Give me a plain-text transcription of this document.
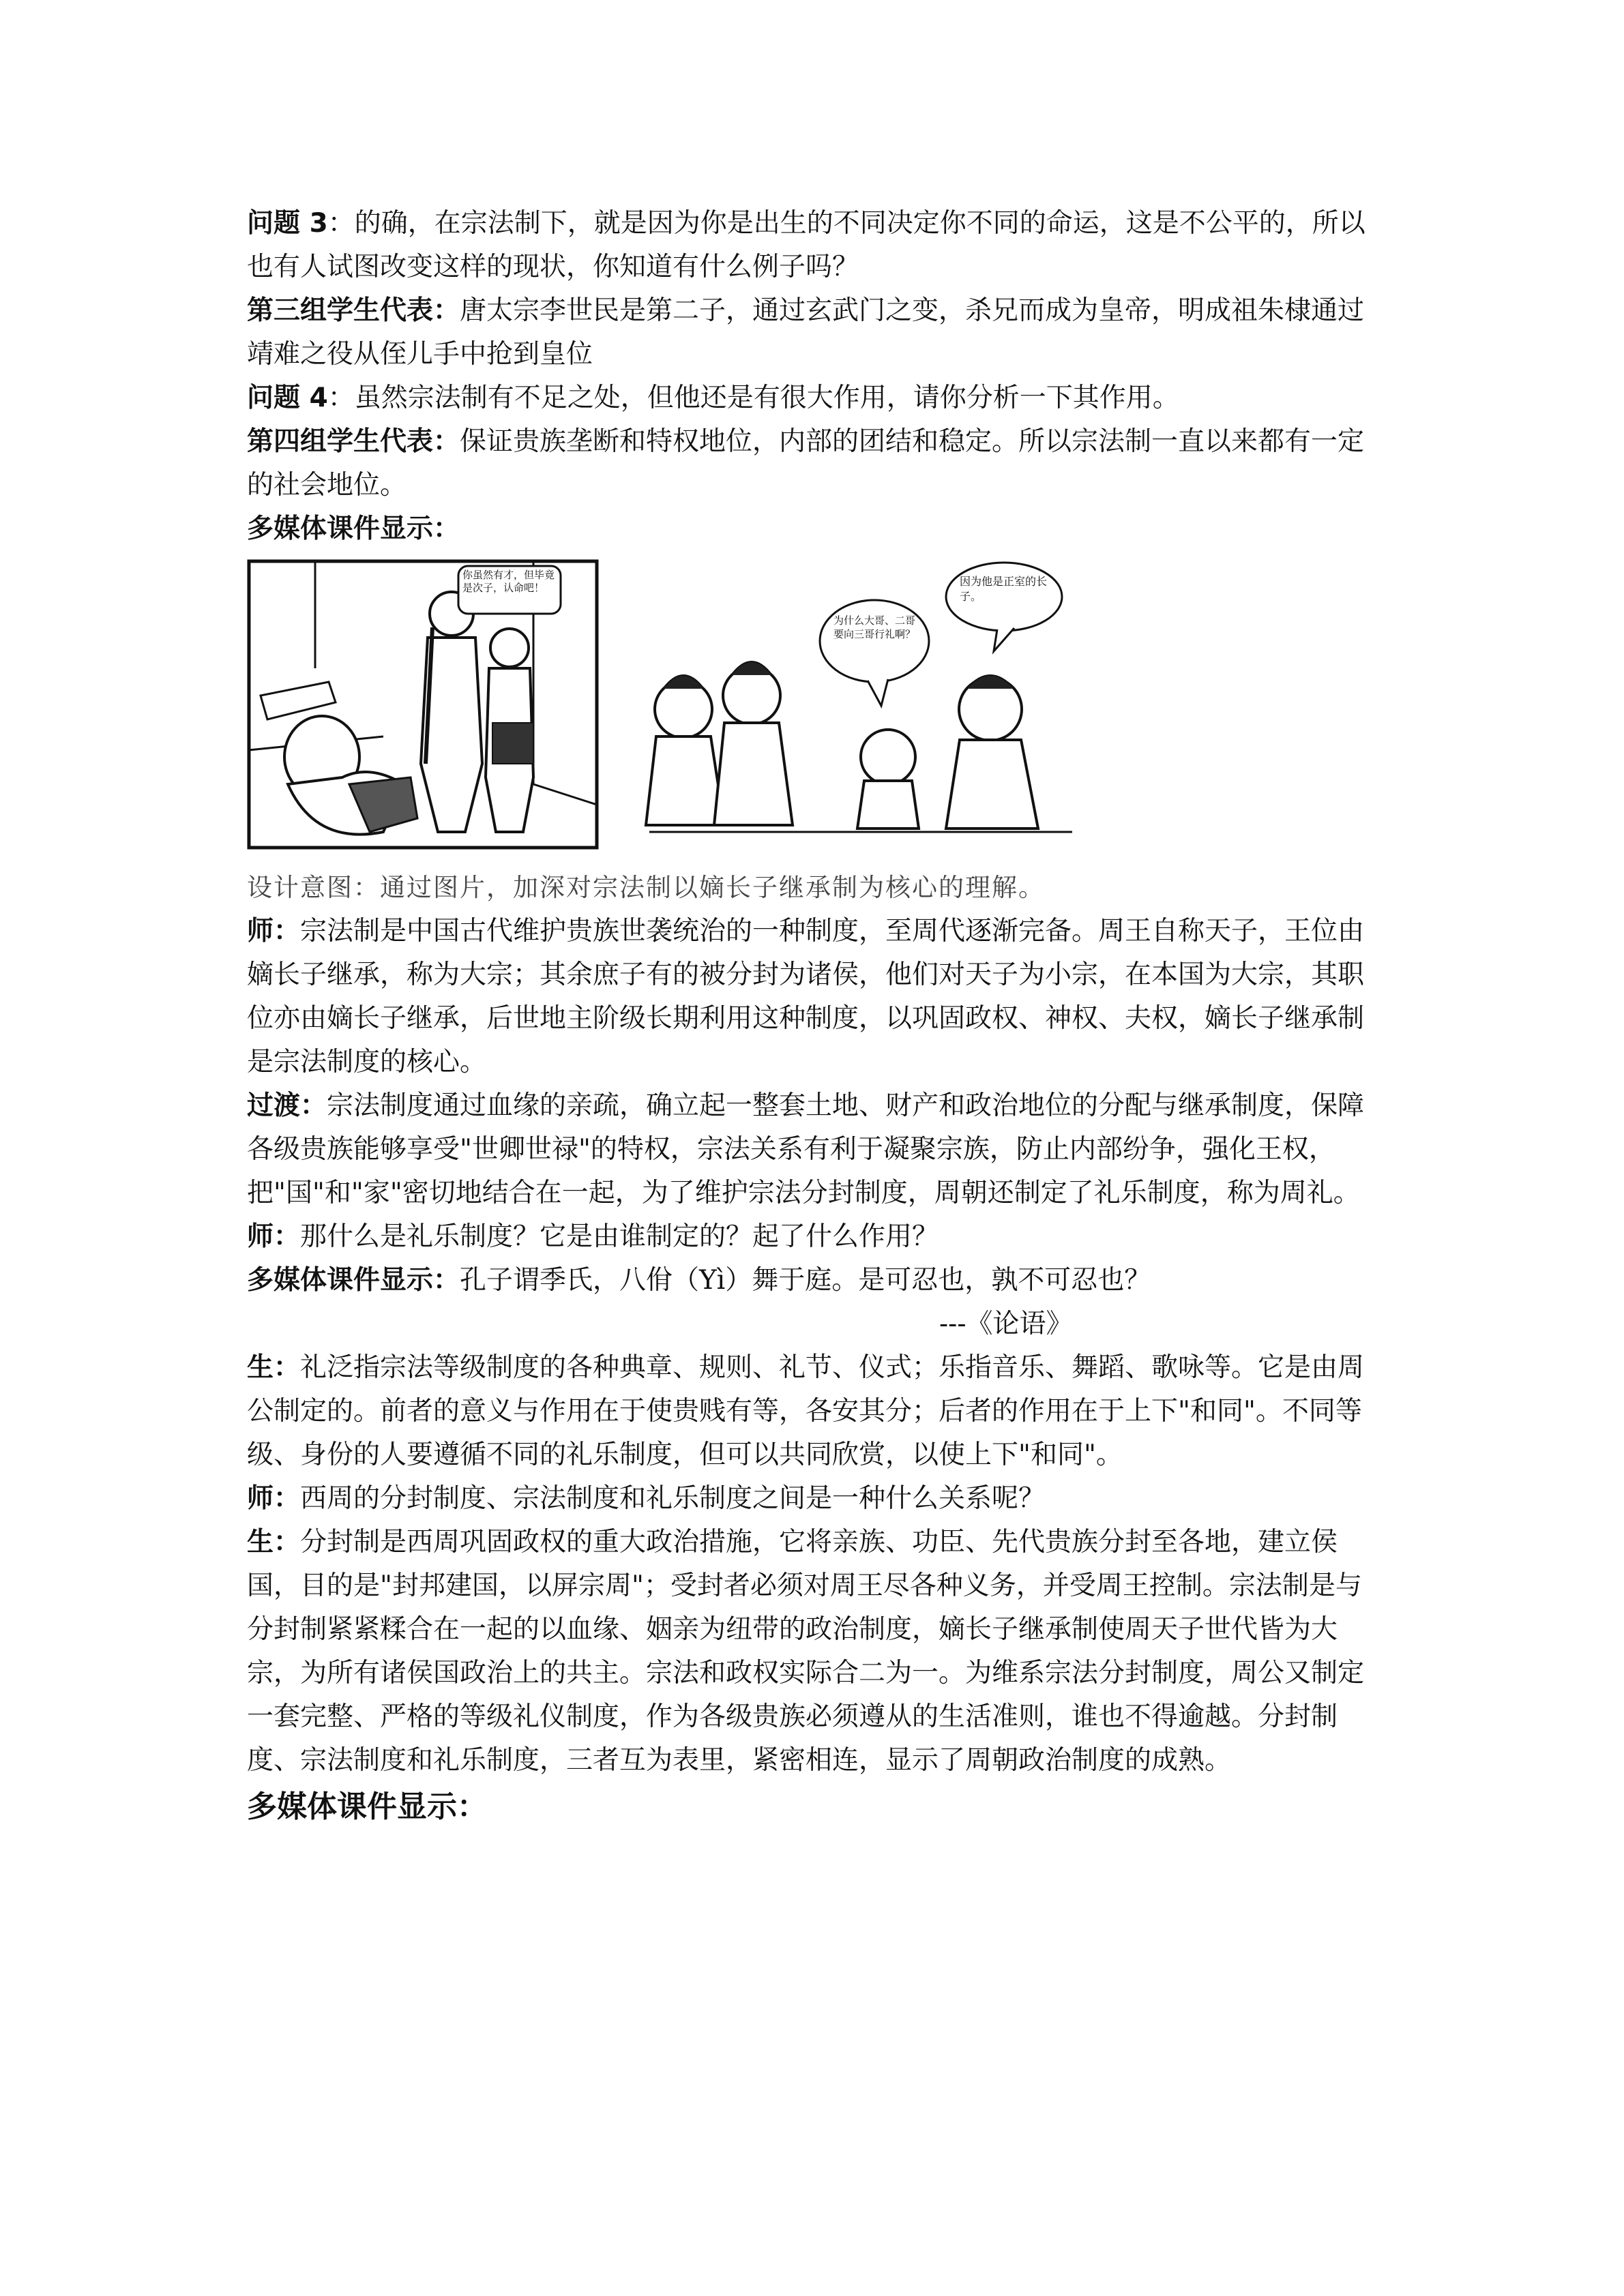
问题 3：的确，在宗法制下，就是因为你是出生的不同决定你不同的命运，这是不公平的，所以也有人试图改变这样的现状，你知道有什么例子吗？

第三组学生代表：唐太宗李世民是第二子，通过玄武门之变，杀兄而成为皇帝，明成祖朱棣通过靖难之役从侄儿手中抢到皇位

问题 4：虽然宗法制有不足之处，但他还是有很大作用，请你分析一下其作用。

第四组学生代表：保证贵族垄断和特权地位，内部的团结和稳定。所以宗法制一直以来都有一定的社会地位。

多媒体课件显示：

你虽然有才，但毕竟是次子，认命吧！
为什么大哥、二哥要向三哥行礼啊？
因为他是正室的长子。

设计意图：通过图片，加深对宗法制以嫡长子继承制为核心的理解。

师：宗法制是中国古代维护贵族世袭统治的一种制度，至周代逐渐完备。周王自称天子，王位由嫡长子继承，称为大宗；其余庶子有的被分封为诸侯，他们对天子为小宗，在本国为大宗，其职位亦由嫡长子继承，后世地主阶级长期利用这种制度，以巩固政权、神权、夫权，嫡长子继承制是宗法制度的核心。

过渡：宗法制度通过血缘的亲疏，确立起一整套土地、财产和政治地位的分配与继承制度，保障各级贵族能够享受"世卿世禄"的特权，宗法关系有利于凝聚宗族，防止内部纷争，强化王权，把"国"和"家"密切地结合在一起，为了维护宗法分封制度，周朝还制定了礼乐制度，称为周礼。

师：那什么是礼乐制度？它是由谁制定的？起了什么作用？

多媒体课件显示：孔子谓季氏，八佾（Yì）舞于庭。是可忍也，孰不可忍也？

---《论语》

生：礼泛指宗法等级制度的各种典章、规则、礼节、仪式；乐指音乐、舞蹈、歌咏等。它是由周公制定的。前者的意义与作用在于使贵贱有等，各安其分；后者的作用在于上下"和同"。不同等级、身份的人要遵循不同的礼乐制度，但可以共同欣赏，以使上下"和同"。

师：西周的分封制度、宗法制度和礼乐制度之间是一种什么关系呢？

生：分封制是西周巩固政权的重大政治措施，它将亲族、功臣、先代贵族分封至各地，建立侯国，目的是"封邦建国，以屏宗周"；受封者必须对周王尽各种义务，并受周王控制。宗法制是与分封制紧紧糅合在一起的以血缘、姻亲为纽带的政治制度，嫡长子继承制使周天子世代皆为大宗，为所有诸侯国政治上的共主。宗法和政权实际合二为一。为维系宗法分封制度，周公又制定一套完整、严格的等级礼仪制度，作为各级贵族必须遵从的生活准则，谁也不得逾越。分封制度、宗法制度和礼乐制度，三者互为表里，紧密相连，显示了周朝政治制度的成熟。

多媒体课件显示：
